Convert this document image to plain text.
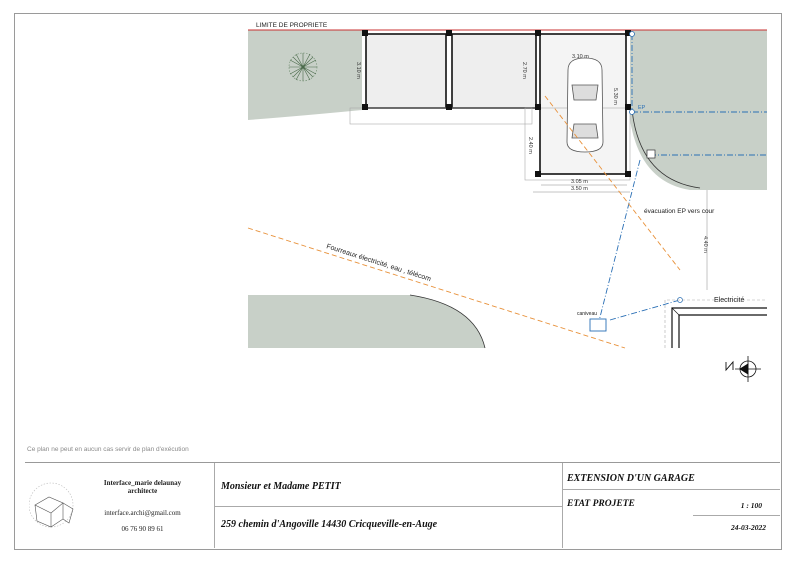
LIMITE DE PROPRIETE
3.10 m	2.70 m
3.10 m
5.30 m
2.40 m
3.05 m
3.50 m
4.40 m
EP
évacuation EP vers cour
caniveau
Fourreaux électricité, eau , télécom
Electricité
Ce plan ne peut en aucun cas servir de plan d'exécution
Interface_marie delaunay
architecte
interface.archi@gmail.com
06 76 90 89 61
Monsieur et Madame PETIT
259 chemin d'Angoville 14430 Cricqueville-en-Auge
EXTENSION D'UN GARAGE
ETAT PROJETE	1 : 100
24-03-2022
